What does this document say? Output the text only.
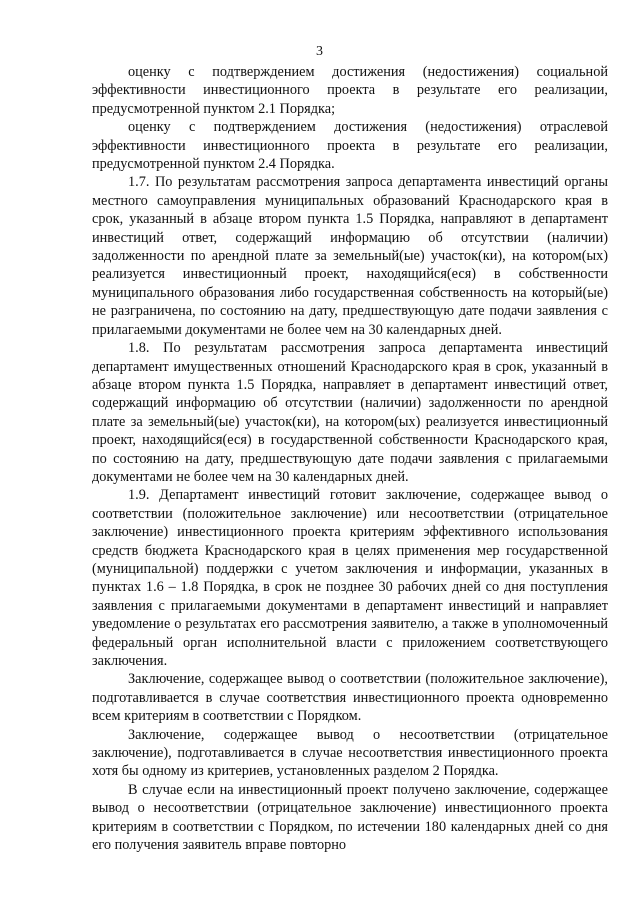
3

оценку с подтверждением достижения (недостижения) социальной эффективности инвестиционного проекта в результате его реализации, предусмотренной пунктом 2.1 Порядка;

оценку с подтверждением достижения (недостижения) отраслевой эффективности инвестиционного проекта в результате его реализации, предусмотренной пунктом 2.4 Порядка.

1.7. По результатам рассмотрения запроса департамента инвестиций органы местного самоуправления муниципальных образований Краснодарского края в срок, указанный в абзаце втором пункта 1.5 Порядка, направляют в департамент инвестиций ответ, содержащий информацию об отсутствии (наличии) задолженности по арендной плате за земельный(ые) участок(ки), на котором(ых) реализуется инвестиционный проект, находящийся(еся) в собственности муниципального образования либо государственная собственность на который(ые) не разграничена, по состоянию на дату, предшествующую дате подачи заявления с прилагаемыми документами не более чем на 30 календарных дней.

1.8. По результатам рассмотрения запроса департамента инвестиций департамент имущественных отношений Краснодарского края в срок, указанный в абзаце втором пункта 1.5 Порядка, направляет в департамент инвестиций ответ, содержащий информацию об отсутствии (наличии) задолженности по арендной плате за земельный(ые) участок(ки), на котором(ых) реализуется инвестиционный проект, находящийся(еся) в государственной собственности Краснодарского края, по состоянию на дату, предшествующую дате подачи заявления с прилагаемыми документами не более чем на 30 календарных дней.

1.9. Департамент инвестиций готовит заключение, содержащее вывод о соответствии (положительное заключение) или несоответствии (отрицательное заключение) инвестиционного проекта критериям эффективного использования средств бюджета Краснодарского края в целях применения мер государственной (муниципальной) поддержки с учетом заключения и информации, указанных в пунктах 1.6 – 1.8 Порядка, в срок не позднее 30 рабочих дней со дня поступления заявления с прилагаемыми документами в департамент инвестиций и направляет уведомление о результатах его рассмотрения заявителю, а также в уполномоченный федеральный орган исполнительной власти с приложением соответствующего заключения.

Заключение, содержащее вывод о соответствии (положительное заключение), подготавливается в случае соответствия инвестиционного проекта одновременно всем критериям в соответствии с Порядком.

Заключение, содержащее вывод о несоответствии (отрицательное заключение), подготавливается в случае несоответствия инвестиционного проекта хотя бы одному из критериев, установленных разделом 2 Порядка.

В случае если на инвестиционный проект получено заключение, содержащее вывод о несоответствии (отрицательное заключение) инвестиционного проекта критериям в соответствии с Порядком, по истечении 180 календарных дней со дня его получения заявитель вправе повторно
